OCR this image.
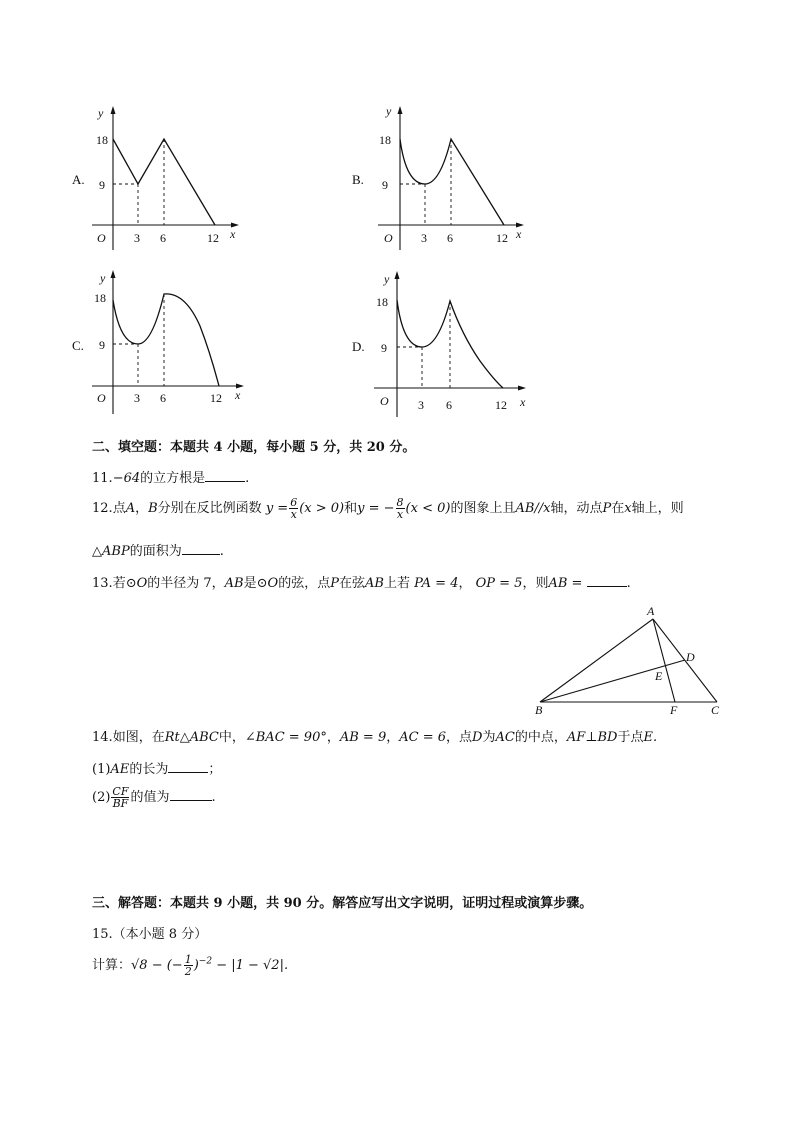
A.
18
9
O 3 6	12 x
y
B.
18
9
O 3 6	12 x
y
C.
18
9
O 3 6	12 x
y
D.
18
9
O 3 6	12 x
y
二、填空题：本题共 4 小题，每小题 5 分，共 20 分。
11.−64的立方根是	.
12.点A，B分别在反比例函数 $y = \frac{6}{x} (x > 0)$和y = − $\frac{8}{x} (x < 0)$的图象上且AB//x轴，动点P在x轴上，则
△ABP的面积为	.
13.若⊙O的半径为 7，AB是⊙O的弦，点P在弦AB上若 PA = 4， OP = 5，则AB =	.
A
B	C
D
E
F
14.如图，在Rt△ABC中，∠BAC = 90°，AB = 9，AC = 6，点D为AC的中点，AF⊥BD于点E.
(1)AE的长为	；
$(2) \frac{CF}{BF}$ 的值为	.
三、解答题：本题共 9 小题，共 90 分。解答应写出文字说明，证明过程或演算步骤。
15.（本小题 8 分）
计算：√8 − (− $\frac{1}{2} )^{-2} - |1 - √2|$.
